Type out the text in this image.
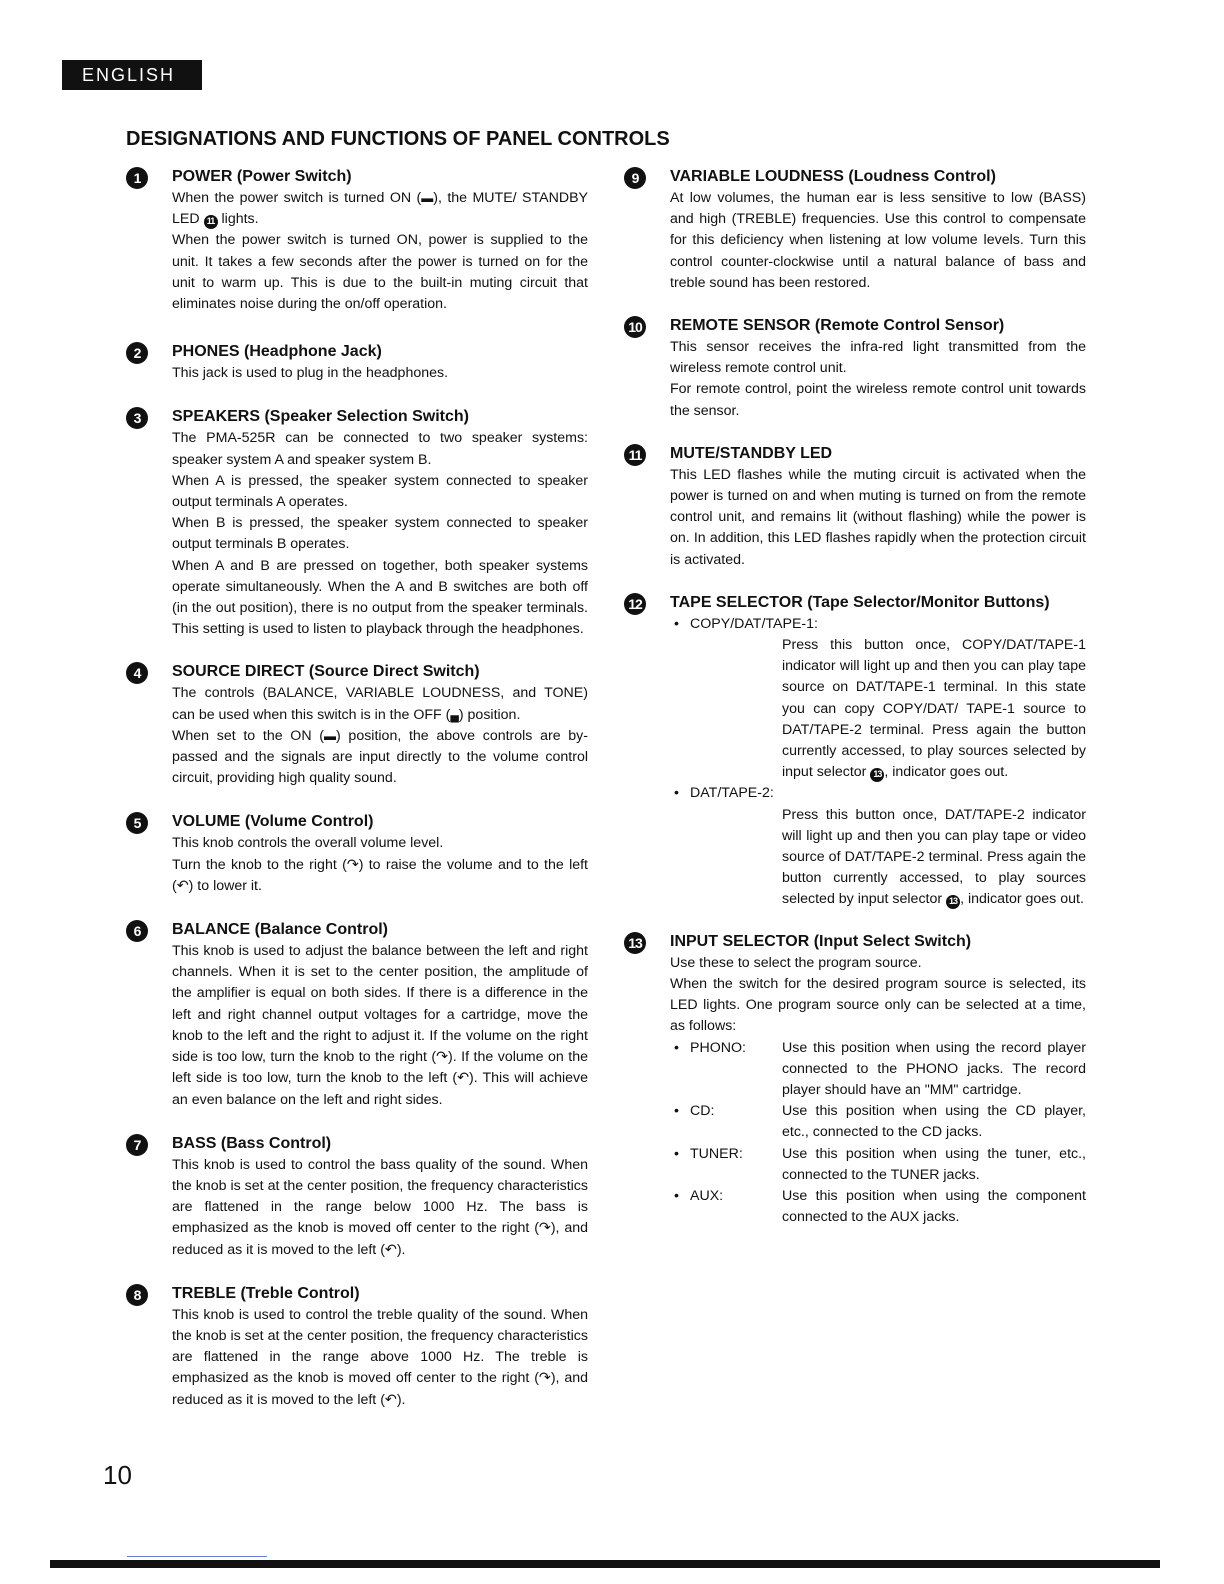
ENGLISH
DESIGNATIONS AND FUNCTIONS OF PANEL CONTROLS
1	POWER (Power Switch)

When the power switch is turned ON (▬), the MUTE/ STANDBY LED 11 lights.

When the power switch is turned ON, power is supplied to the unit. It takes a few seconds after the power is turned on for the unit to warm up. This is due to the built-in muting circuit that eliminates noise during the on/off operation.

2	PHONES (Headphone Jack)

This jack is used to plug in the headphones.

3	SPEAKERS (Speaker Selection Switch)

The PMA-525R can be connected to two speaker systems: speaker system A and speaker system B.

When A is pressed, the speaker system connected to speaker output terminals A operates.

When B is pressed, the speaker system connected to speaker output terminals B operates.

When A and B are pressed on together, both speaker systems operate simultaneously. When the A and B switches are both off (in the out position), there is no output from the speaker terminals. This setting is used to listen to playback through the headphones.

4	SOURCE DIRECT (Source Direct Switch)

The controls (BALANCE, VARIABLE LOUDNESS, and TONE) can be used when this switch is in the OFF (▄) position.

When set to the ON (▬) position, the above controls are by-passed and the signals are input directly to the volume control circuit, providing high quality sound.

5	VOLUME (Volume Control)

This knob controls the overall volume level.

Turn the knob to the right (↷) to raise the volume and to the left (↶) to lower it.

6	BALANCE (Balance Control)

This knob is used to adjust the balance between the left and right channels. When it is set to the center position, the amplitude of the amplifier is equal on both sides. If there is a difference in the left and right channel output voltages for a cartridge, move the knob to the left and the right to adjust it. If the volume on the right side is too low, turn the knob to the right (↷). If the volume on the left side is too low, turn the knob to the left (↶). This will achieve an even balance on the left and right sides.

7	BASS (Bass Control)

This knob is used to control the bass quality of the sound. When the knob is set at the center position, the frequency characteristics are flattened in the range below 1000 Hz. The bass is emphasized as the knob is moved off center to the right (↷), and reduced as it is moved to the left (↶).

8	TREBLE (Treble Control)

This knob is used to control the treble quality of the sound. When the knob is set at the center position, the frequency characteristics are flattened in the range above 1000 Hz. The treble is emphasized as the knob is moved off center to the right (↷), and reduced as it is moved to the left (↶).

9	VARIABLE LOUDNESS (Loudness Control)

At low volumes, the human ear is less sensitive to low (BASS) and high (TREBLE) frequencies. Use this control to compensate for this deficiency when listening at low volume levels. Turn this control counter-clockwise until a natural balance of bass and treble sound has been restored.

10 REMOTE SENSOR (Remote Control Sensor)

This sensor receives the infra-red light transmitted from the wireless remote control unit.

For remote control, point the wireless remote control unit towards the sensor.

11 MUTE/STANDBY LED

This LED flashes while the muting circuit is activated when the power is turned on and when muting is turned on from the remote control unit, and remains lit (without flashing) while the power is on. In addition, this LED flashes rapidly when the protection circuit is activated.

12 TAPE SELECTOR (Tape Selector/Monitor Buttons)
• COPY/DAT/TAPE-1:

Press this button once, COPY/DAT/TAPE-1 indicator will light up and then you can play tape source on DAT/TAPE-1 terminal. In this state you can copy COPY/DAT/ TAPE-1 source to DAT/TAPE-2 terminal. Press again the button currently accessed, to play sources selected by input selector 13 , indicator goes out.

• DAT/TAPE-2:

Press this button once, DAT/TAPE-2 indicator will light up and then you can play tape or video source of DAT/TAPE-2 terminal. Press again the button currently accessed, to play sources selected by input selector 13 , indicator goes out.

13 INPUT SELECTOR (Input Select Switch)

Use these to select the program source.

When the switch for the desired program source is selected, its LED lights. One program source only can be selected at a time, as follows:

• PHONO:	Use this position when using the record player connected to the PHONO jacks. The record player should have an "MM" cartridge.
• CD:	Use this position when using the CD player, etc., connected to the CD jacks.
• TUNER:	Use this position when using the tuner, etc., connected to the TUNER jacks.
• AUX:	Use this position when using the component connected to the AUX jacks.
10
